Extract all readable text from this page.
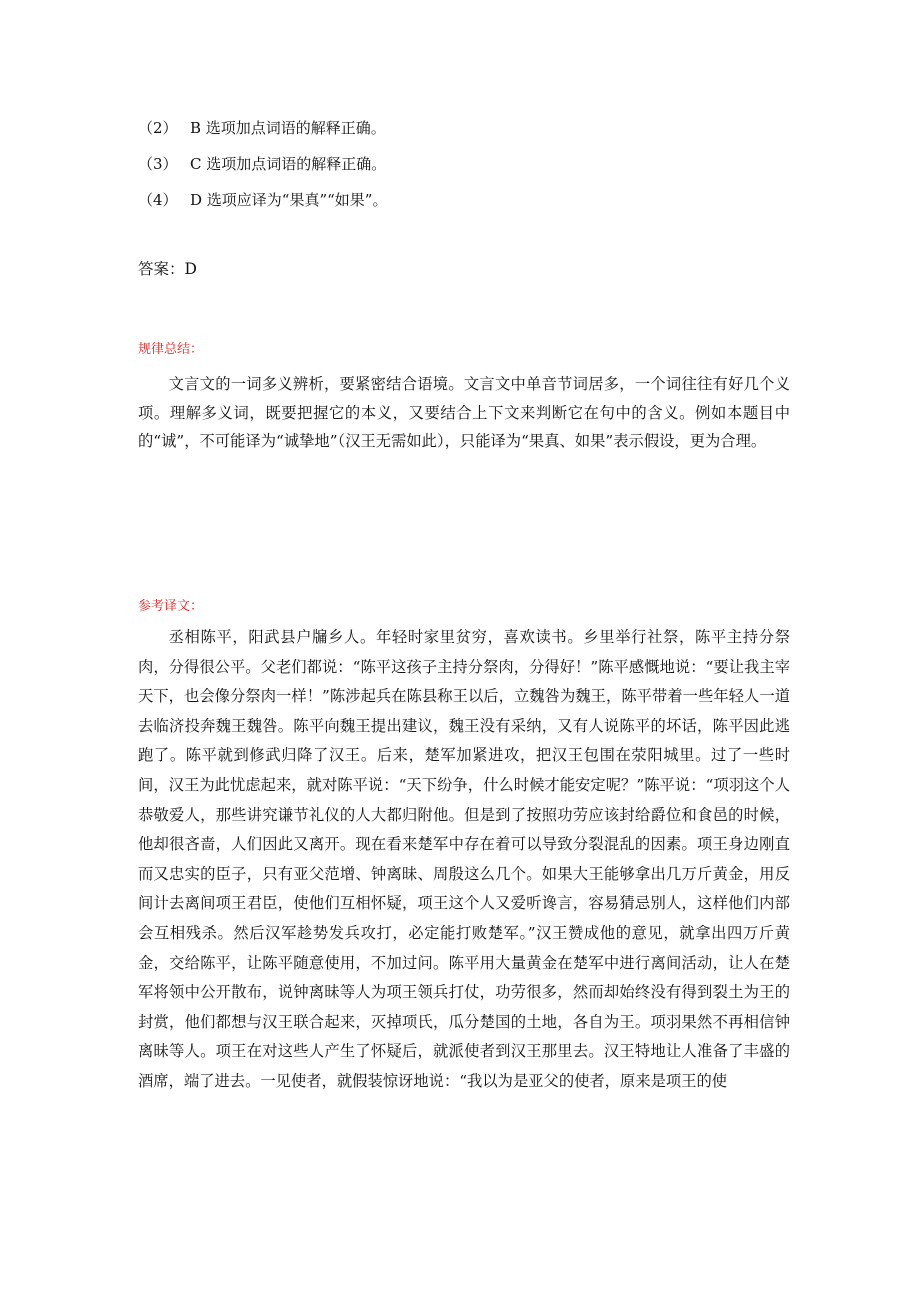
（2） B 选项加点词语的解释正确。
（3） C 选项加点词语的解释正确。
（4） D 选项应译为“果真”“如果”。
答案：D
规律总结：

文言文的一词多义辨析，要紧密结合语境。文言文中单音节词居多，一个词往往有好几个义项。理解多义词，既要把握它的本义，又要结合上下文来判断它在句中的含义。例如本题目中的“诚”，不可能译为“诚挚地”（汉王无需如此），只能译为“果真、如果”表示假设，更为合理。

参考译文：

丞相陈平，阳武县户牖乡人。年轻时家里贫穷，喜欢读书。乡里举行社祭，陈平主持分祭肉，分得很公平。父老们都说：“陈平这孩子主持分祭肉，分得好！”陈平感慨地说：“要让我主宰天下，也会像分祭肉一样！”陈涉起兵在陈县称王以后，立魏咎为魏王，陈平带着一些年轻人一道去临济投奔魏王魏咎。陈平向魏王提出建议，魏王没有采纳，又有人说陈平的坏话，陈平因此逃跑了。陈平就到修武归降了汉王。后来，楚军加紧进攻，把汉王包围在荥阳城里。过了一些时间，汉王为此忧虑起来，就对陈平说：“天下纷争，什么时候才能安定呢？”陈平说：“项羽这个人恭敬爱人，那些讲究谦节礼仪的人大都归附他。但是到了按照功劳应该封给爵位和食邑的时候，他却很吝啬，人们因此又离开。现在看来楚军中存在着可以导致分裂混乱的因素。项王身边刚直而又忠实的臣子，只有亚父范增、钟离昧、周殷这么几个。如果大王能够拿出几万斤黄金，用反间计去离间项王君臣，使他们互相怀疑，项王这个人又爱听谗言，容易猜忌别人，这样他们内部会互相残杀。然后汉军趁势发兵攻打，必定能打败楚军。”汉王赞成他的意见，就拿出四万斤黄金，交给陈平，让陈平随意使用，不加过问。陈平用大量黄金在楚军中进行离间活动，让人在楚军将领中公开散布，说钟离昧等人为项王领兵打仗，功劳很多，然而却始终没有得到裂土为王的封赏，他们都想与汉王联合起来，灭掉项氏，瓜分楚国的土地，各自为王。项羽果然不再相信钟离昧等人。项王在对这些人产生了怀疑后，就派使者到汉王那里去。汉王特地让人准备了丰盛的酒席，端了进去。一见使者，就假装惊讶地说：“我以为是亚父的使者，原来是项王的使
